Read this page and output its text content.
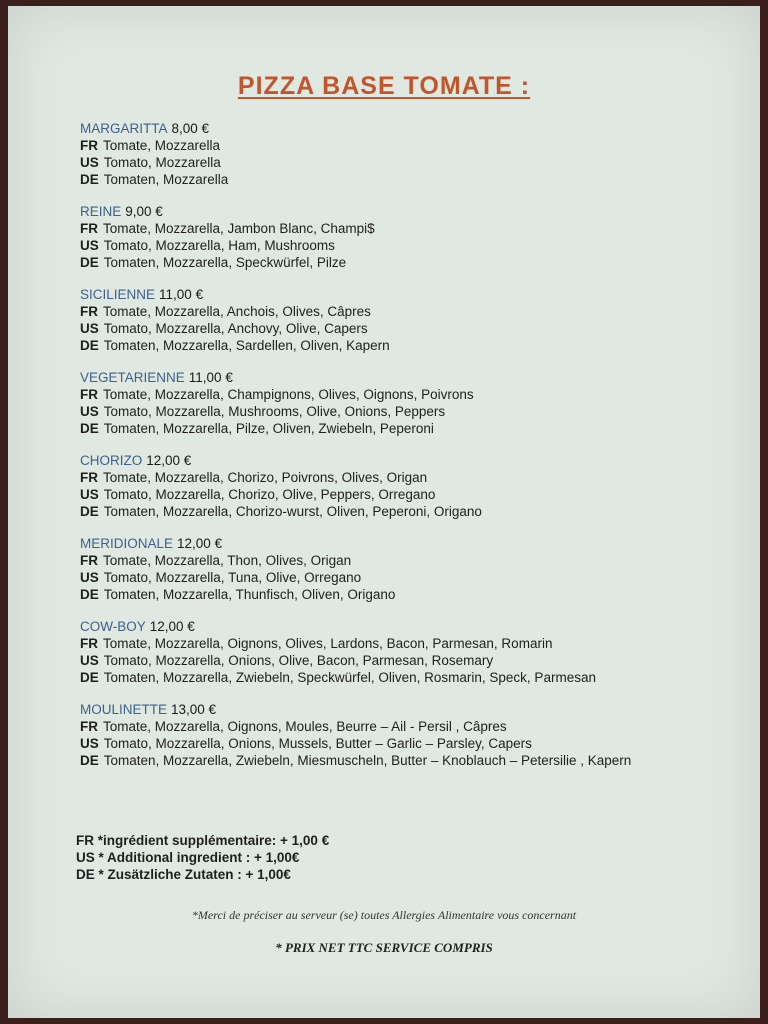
PIZZA BASE TOMATE :
MARGARITTA 8,00 €
FR Tomate, Mozzarella
US Tomato, Mozzarella
DE Tomaten, Mozzarella
REINE 9,00 €
FR Tomate, Mozzarella, Jambon Blanc, Champi$
US Tomato, Mozzarella, Ham, Mushrooms
DE Tomaten, Mozzarella, Speckwürfel, Pilze
SICILIENNE 11,00 €
FR Tomate, Mozzarella, Anchois, Olives, Câpres
US Tomato, Mozzarella, Anchovy, Olive, Capers
DE Tomaten, Mozzarella, Sardellen, Oliven, Kapern
VEGETARIENNE 11,00 €
FR Tomate, Mozzarella, Champignons, Olives, Oignons, Poivrons
US Tomato, Mozzarella, Mushrooms, Olive, Onions, Peppers
DE Tomaten, Mozzarella, Pilze, Oliven, Zwiebeln, Peperoni
CHORIZO 12,00 €
FR Tomate, Mozzarella, Chorizo, Poivrons, Olives, Origan
US Tomato, Mozzarella, Chorizo, Olive, Peppers, Orregano
DE Tomaten, Mozzarella, Chorizo-wurst, Oliven, Peperoni, Origano
MERIDIONALE 12,00 €
FR Tomate, Mozzarella, Thon, Olives, Origan
US Tomato, Mozzarella, Tuna, Olive, Orregano
DE Tomaten, Mozzarella, Thunfisch, Oliven, Origano
COW-BOY 12,00 €
FR Tomate, Mozzarella, Oignons, Olives, Lardons, Bacon, Parmesan, Romarin
US Tomato, Mozzarella, Onions, Olive, Bacon, Parmesan, Rosemary
DE Tomaten, Mozzarella, Zwiebeln, Speckwürfel, Oliven, Rosmarin, Speck, Parmesan
MOULINETTE 13,00 €
FR Tomate, Mozzarella, Oignons, Moules, Beurre – Ail - Persil , Câpres
US Tomato, Mozzarella, Onions, Mussels, Butter – Garlic – Parsley, Capers
DE Tomaten, Mozzarella, Zwiebeln, Miesmuscheln, Butter – Knoblauch – Petersilie , Kapern
FR *ingrédient supplémentaire: + 1,00 €
US * Additional ingredient : + 1,00€
DE * Zusätzliche Zutaten : + 1,00€
*Merci de préciser au serveur (se) toutes Allergies Alimentaire vous concernant
* PRIX NET TTC SERVICE COMPRIS
